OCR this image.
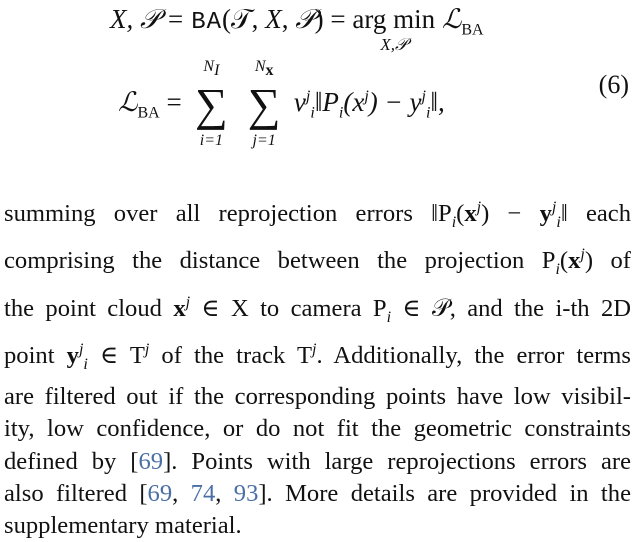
X, 𝒫 = BA(𝒯, ^ X, ^ 𝒫) = arg min
X,𝒫
ℒ$_{BA}$
ℒ$_{BA}$ =
$N_I$
∑
i=1

$N_x$
∑
j=1
$v^j_i‖P_i(x^j)$ − $y^j_i‖$,
(6)
summing over all reprojection errors $‖P_i(x^j)$ − $y^j_i‖$ each
comprising the distance between the projection $P_i(x^j)$ of
the point cloud $x^j$ ∈ X to camera $P_i$ ∈ 𝒫, and the i-th 2D
point $y^j_i$ ∈ $T^j$ of the track $T^j$. Additionally, the error terms
are filtered out if the corresponding points have low visibil-
ity, low confidence, or do not fit the geometric constraints
defined by [69]. Points with large reprojections errors are
also filtered [69, 74, 93]. More details are provided in the
supplementary material.
